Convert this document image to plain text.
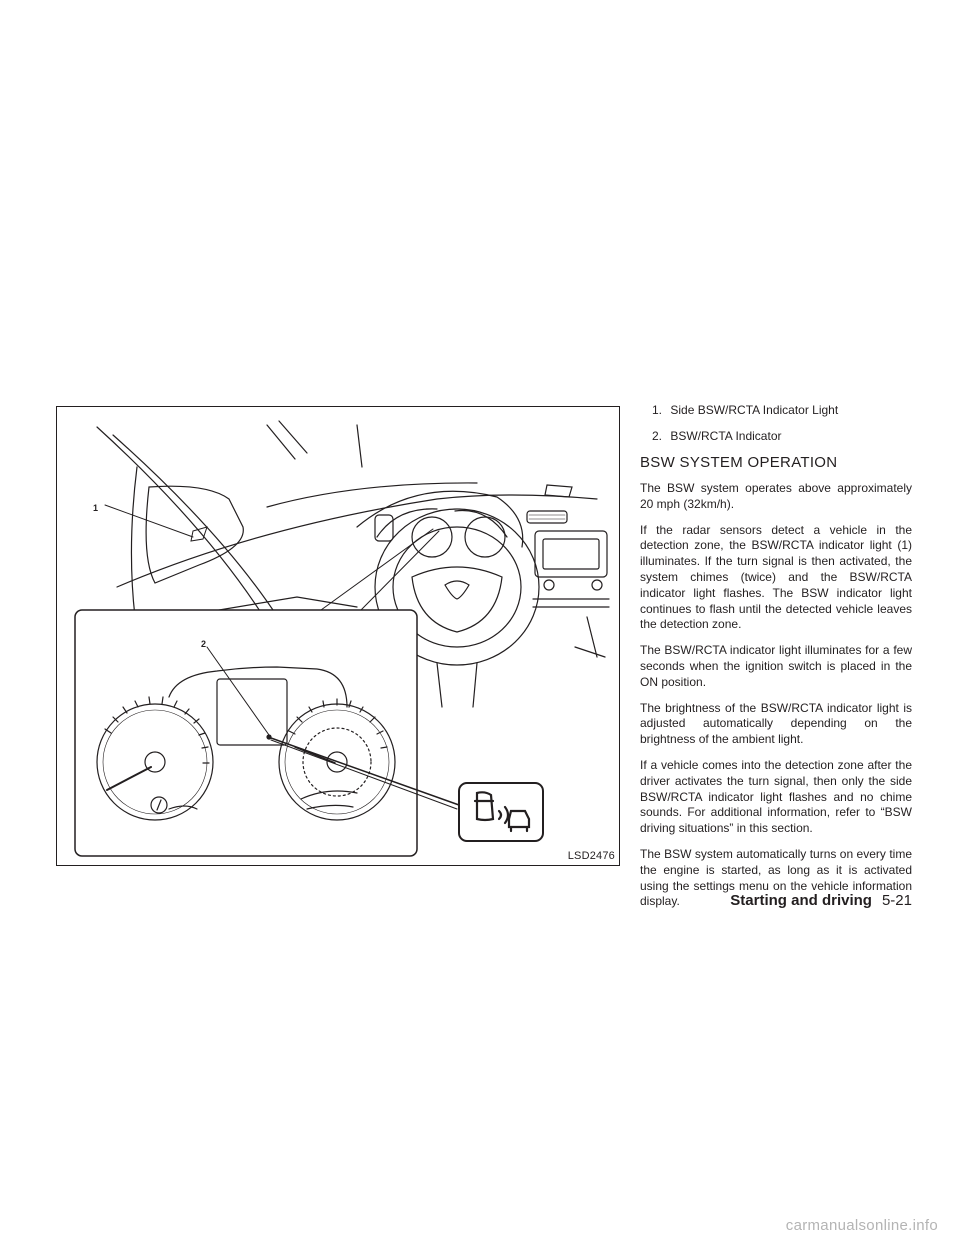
1
2
LSD2476
1. Side BSW/RCTA Indicator Light
2. BSW/RCTA Indicator
BSW SYSTEM OPERATION

The BSW system operates above approximately 20 mph (32km/h).

If the radar sensors detect a vehicle in the detection zone, the BSW/RCTA indicator light (1) illuminates. If the turn signal is then activated, the system chimes (twice) and the BSW/RCTA indicator light flashes. The BSW indicator light continues to flash until the detected vehicle leaves the detection zone.

The BSW/RCTA indicator light illuminates for a few seconds when the ignition switch is placed in the ON position.

The brightness of the BSW/RCTA indicator light is adjusted automatically depending on the brightness of the ambient light.

If a vehicle comes into the detection zone after the driver activates the turn signal, then only the side BSW/RCTA indicator light flashes and no chime sounds. For additional information, refer to “BSW driving situations” in this section.

The BSW system automatically turns on every time the engine is started, as long as it is activated using the settings menu on the vehicle information display.	Starting and driving 5-21
carmanualsonline.info
